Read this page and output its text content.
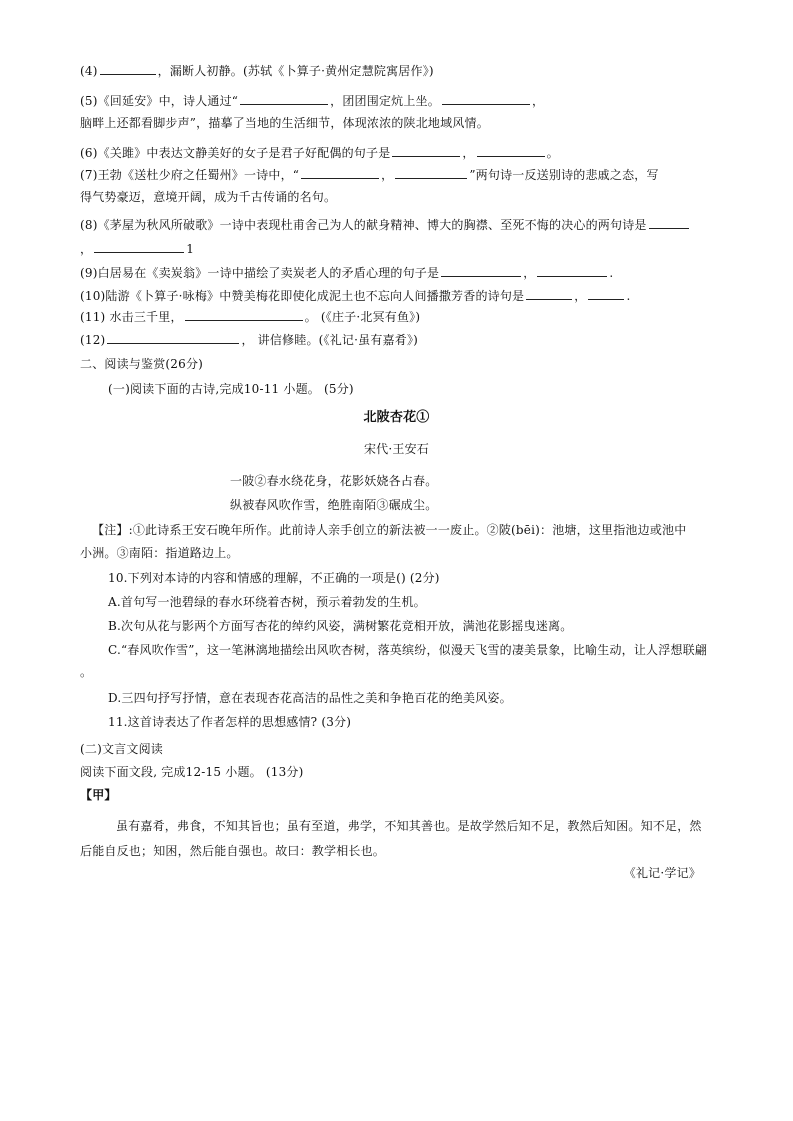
(4)	，漏断人初静。(苏轼《卜算子·黄州定慧院寓居作》)
(5)《回延安》中，诗人通过“	，团团围定炕上坐。	，
脑畔上还都看脚步声”，描摹了当地的生活细节，体现浓浓的陕北地域风情。
(6)《关雎》中表达文静美好的女子是君子好配偶的句子是	，	。
(7)王勃《送杜少府之任蜀州》一诗中，“	，	”两句诗一反送别诗的悲戚之态，写
得气势豪迈，意境开阔，成为千古传诵的名句。
(8)《茅屋为秋风所破歌》一诗中表现杜甫舍己为人的献身精神、博大的胸襟、至死不悔的决心的两句诗是
，	1
(9)白居易在《卖炭翁》一诗中描绘了卖炭老人的矛盾心理的句子是	，	.
(10)陆游《卜算子·咏梅》中赞美梅花即使化成泥土也不忘向人间播撒芳香的诗句是	，	.
(11) 水击三千里，	。 (《庄子·北冥有鱼》)
(12)	， 讲信修睦。(《礼记·虽有嘉肴》)
二、阅读与鉴赏(26分)
(一)阅读下面的古诗,完成10-11 小题。 (5分)
北陂杏花①
宋代·王安石
一陂②春水绕花身，花影妖娆各占春。
纵被春风吹作雪，绝胜南陌③碾成尘。
【注】:①此诗系王安石晚年所作。此前诗人亲手创立的新法被一一废止。②陂(bēi)：池塘，这里指池边或池中
小洲。③南陌：指道路边上。
10.下列对本诗的内容和情感的理解，不正确的一项是() (2分)
A.首句写一池碧绿的春水环绕着杏树，预示着勃发的生机。
B.次句从花与影两个方面写杏花的绰约风姿，满树繁花竞相开放，满池花影摇曳迷离。
C.“春风吹作雪”，这一笔淋漓地描绘出风吹杏树，落英缤纷，似漫天飞雪的凄美景象，比喻生动，让人浮想联翩
。
D.三四句抒写抒情，意在表现杏花高洁的品性之美和争艳百花的绝美风姿。
11.这首诗表达了作者怎样的思想感情? (3分)
(二)文言文阅读
阅读下面文段, 完成12-15 小题。 (13分)
【甲】
虽有嘉肴，弗食，不知其旨也；虽有至道，弗学，不知其善也。是故学然后知不足，教然后知困。知不足，然
后能自反也；知困，然后能自强也。故曰：教学相长也。
《礼记·学记》
